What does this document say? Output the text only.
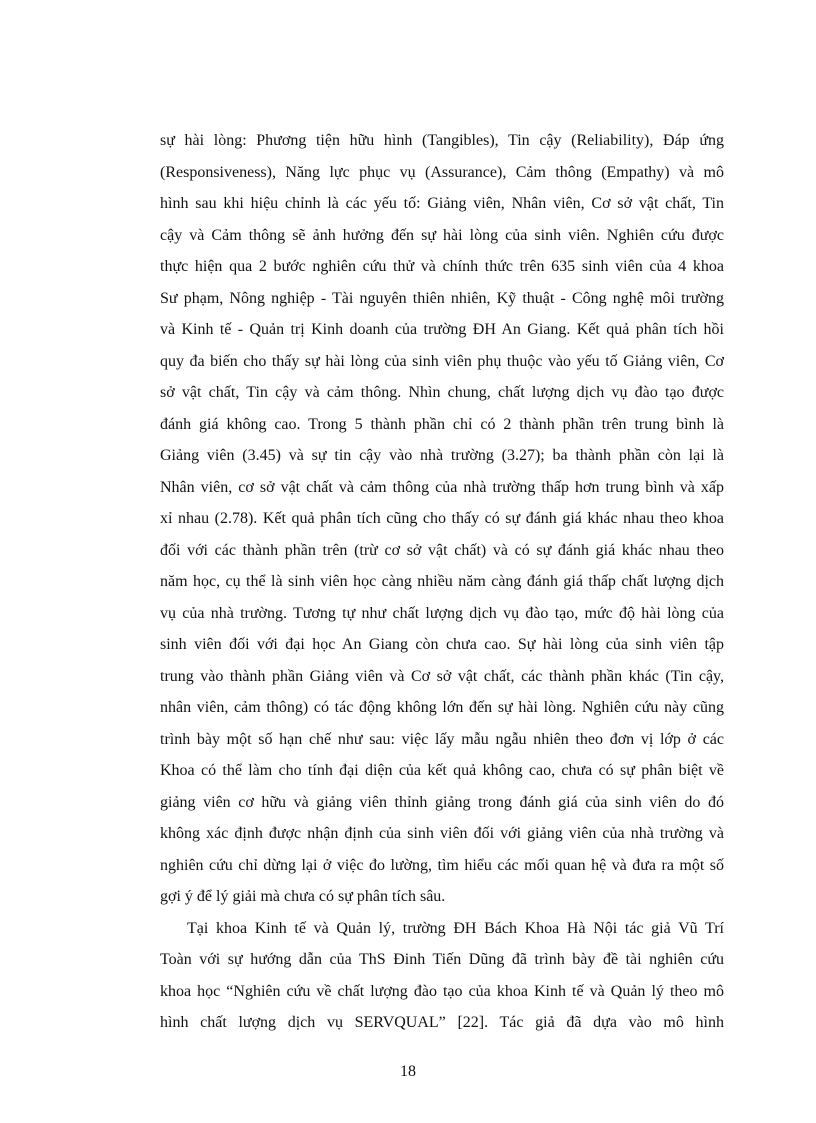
sự hài lòng: Phương tiện hữu hình (Tangibles), Tin cậy (Reliability), Đáp ứng
(Responsiveness), Năng lực phục vụ (Assurance), Cảm thông (Empathy) và mô
hình sau khi hiệu chỉnh là các yếu tố: Giảng viên, Nhân viên, Cơ sở vật chất, Tin
cậy và Cảm thông sẽ ảnh hưởng đến sự hài lòng của sinh viên. Nghiên cứu được
thực hiện qua 2 bước nghiên cứu thử và chính thức trên 635 sinh viên của 4 khoa
Sư phạm, Nông nghiệp - Tài nguyên thiên nhiên, Kỹ thuật - Công nghệ môi trường
và Kinh tế - Quản trị Kinh doanh của trường ĐH An Giang. Kết quả phân tích hồi
quy đa biến cho thấy sự hài lòng của sinh viên phụ thuộc vào yếu tố Giảng viên, Cơ
sở vật chất, Tin cậy và cảm thông. Nhìn chung, chất lượng dịch vụ đào tạo được
đánh giá không cao. Trong 5 thành phần chỉ có 2 thành phần trên trung bình là
Giảng viên (3.45) và sự tin cậy vào nhà trường (3.27); ba thành phần còn lại là
Nhân viên, cơ sở vật chất và cảm thông của nhà trường thấp hơn trung bình và xấp
xỉ nhau (2.78). Kết quả phân tích cũng cho thấy có sự đánh giá khác nhau theo khoa
đối với các thành phần trên (trừ cơ sở vật chất) và có sự đánh giá khác nhau theo
năm học, cụ thể là sinh viên học càng nhiều năm càng đánh giá thấp chất lượng dịch
vụ của nhà trường. Tương tự như chất lượng dịch vụ đào tạo, mức độ hài lòng của
sinh viên đối với đại học An Giang còn chưa cao. Sự hài lòng của sinh viên tập
trung vào thành phần Giảng viên và Cơ sở vật chất, các thành phần khác (Tin cậy,
nhân viên, cảm thông) có tác động không lớn đến sự hài lòng. Nghiên cứu này cũng
trình bày một số hạn chế như sau: việc lấy mẫu ngẫu nhiên theo đơn vị lớp ở các
Khoa có thể làm cho tính đại diện của kết quả không cao, chưa có sự phân biệt về
giảng viên cơ hữu và giảng viên thỉnh giảng trong đánh giá của sinh viên do đó
không xác định được nhận định của sinh viên đối với giảng viên của nhà trường và
nghiên cứu chỉ dừng lại ở việc đo lường, tìm hiểu các mối quan hệ và đưa ra một số
gợi ý để lý giải mà chưa có sự phân tích sâu.
Tại khoa Kinh tế và Quản lý, trường ĐH Bách Khoa Hà Nội tác giả Vũ Trí
Toàn với sự hướng dẫn của ThS Đinh Tiến Dũng đã trình bày đề tài nghiên cứu
khoa học “Nghiên cứu về chất lượng đào tạo của khoa Kinh tế và Quản lý theo mô
hình chất lượng dịch vụ SERVQUAL” [22]. Tác giả đã dựa vào mô hình
18
